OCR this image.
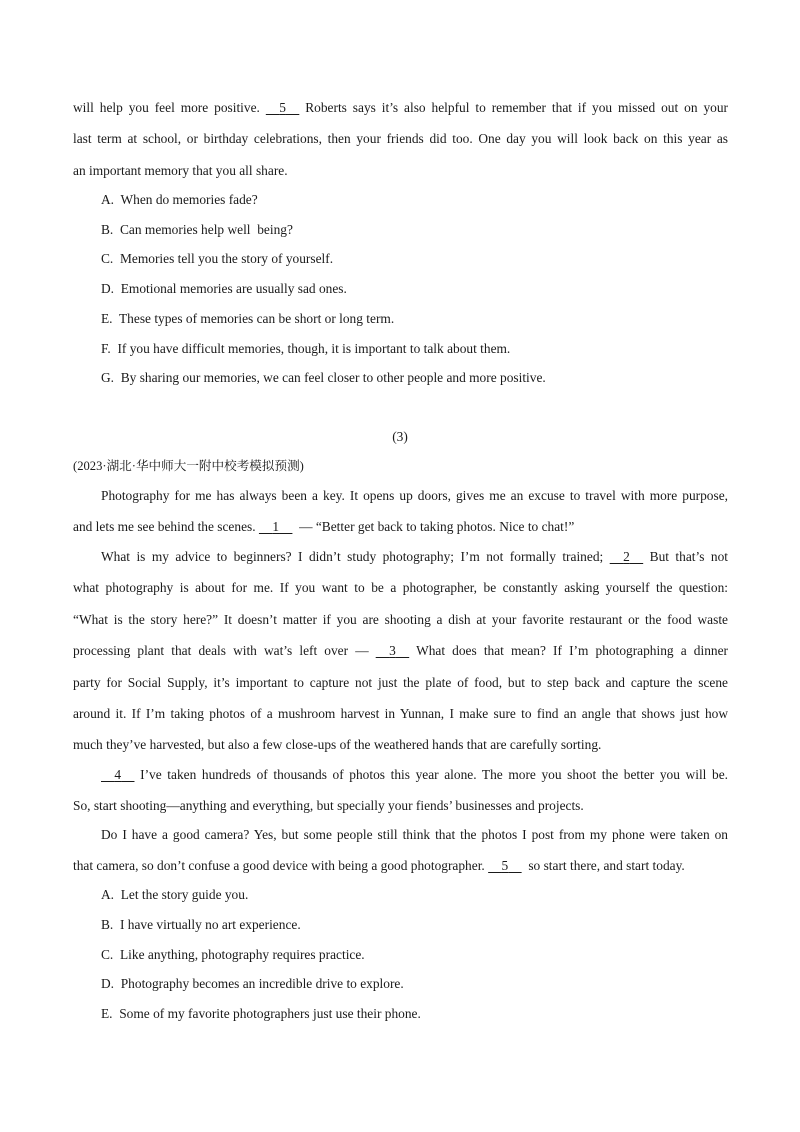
will help you feel more positive. 5 Roberts says it’s also helpful to remember that if you missed out on your
last term at school, or birthday celebrations, then your friends did too. One day you will look back on this year as
an important memory that you all share.
A. When do memories fade?
B. Can memories help well  being?
C. Memories tell you the story of yourself.
D. Emotional memories are usually sad ones.
E. These types of memories can be short or long term.
F. If you have difficult memories, though, it is important to talk about them.
G. By sharing our memories, we can feel closer to other people and more positive.
(3)
(2023·湖北·华中师大一附中校考模拟预测)
Photography for me has always been a key. It opens up doors, gives me an excuse to travel with more purpose,
and lets me see behind the scenes. 1 — “Better get back to taking photos. Nice to chat!”
What is my advice to beginners? I didn’t study photography; I’m not formally trained; 2 But that’s not
what photography is about for me. If you want to be a photographer, be constantly asking yourself the question:
“What is the story here?” It doesn’t matter if you are shooting a dish at your favorite restaurant or the food waste
processing plant that deals with wat’s left over — 3 What does that mean? If I’m photographing a dinner
party for Social Supply, it’s important to capture not just the plate of food, but to step back and capture the scene
around it. If I’m taking photos of a mushroom harvest in Yunnan, I make sure to find an angle that shows just how
much they’ve harvested, but also a few close-ups of the weathered hands that are carefully sorting.
4 I’ve taken hundreds of thousands of photos this year alone. The more you shoot the better you will be.
So, start shooting—anything and everything, but specially your fiends’ businesses and projects.
Do I have a good camera? Yes, but some people still think that the photos I post from my phone were taken on
that camera, so don’t confuse a good device with being a good photographer. 5 so start there, and start today.
A. Let the story guide you.
B. I have virtually no art experience.
C. Like anything, photography requires practice.
D. Photography becomes an incredible drive to explore.
E. Some of my favorite photographers just use their phone.
